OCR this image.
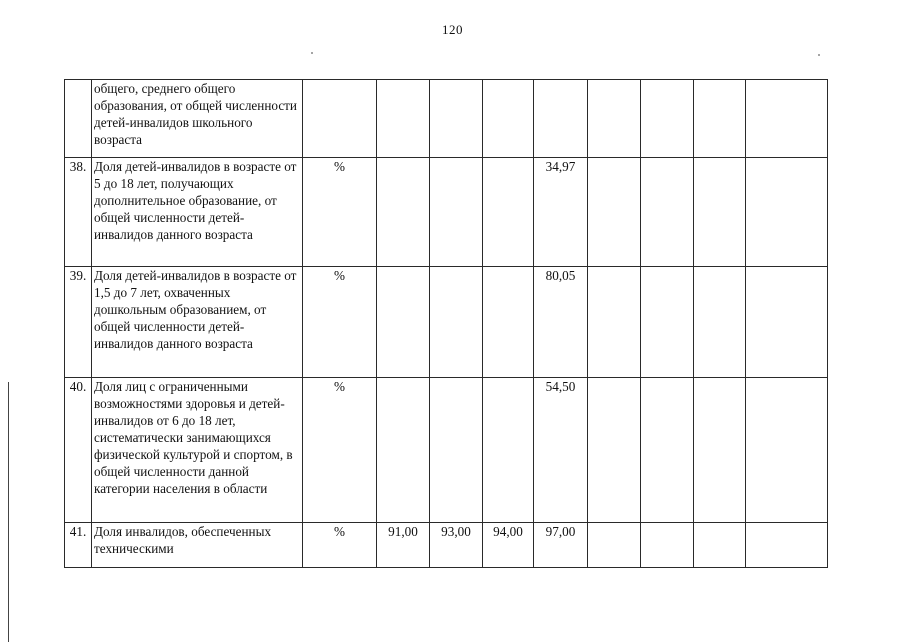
120
	общего, среднего общего образования, от общей численности детей-инвалидов школьного возраста									
38.	Доля детей-инвалидов в возрасте от 5 до 18 лет, получающих дополнительное образование, от общей численности детей-инвалидов данного возраста	%				34,97				
39.	Доля детей-инвалидов в возрасте от 1,5 до 7 лет, охваченных дошкольным образованием, от общей численности детей-инвалидов данного возраста	%				80,05				
40.	Доля лиц с ограниченными возможностями здоровья и детей-инвалидов от 6 до 18 лет, систематически занимающихся физической культурой и спортом, в общей численности данной категории населения в области	%				54,50				
41.	Доля инвалидов, обеспеченных техническими	%	91,00	93,00	94,00	97,00				
